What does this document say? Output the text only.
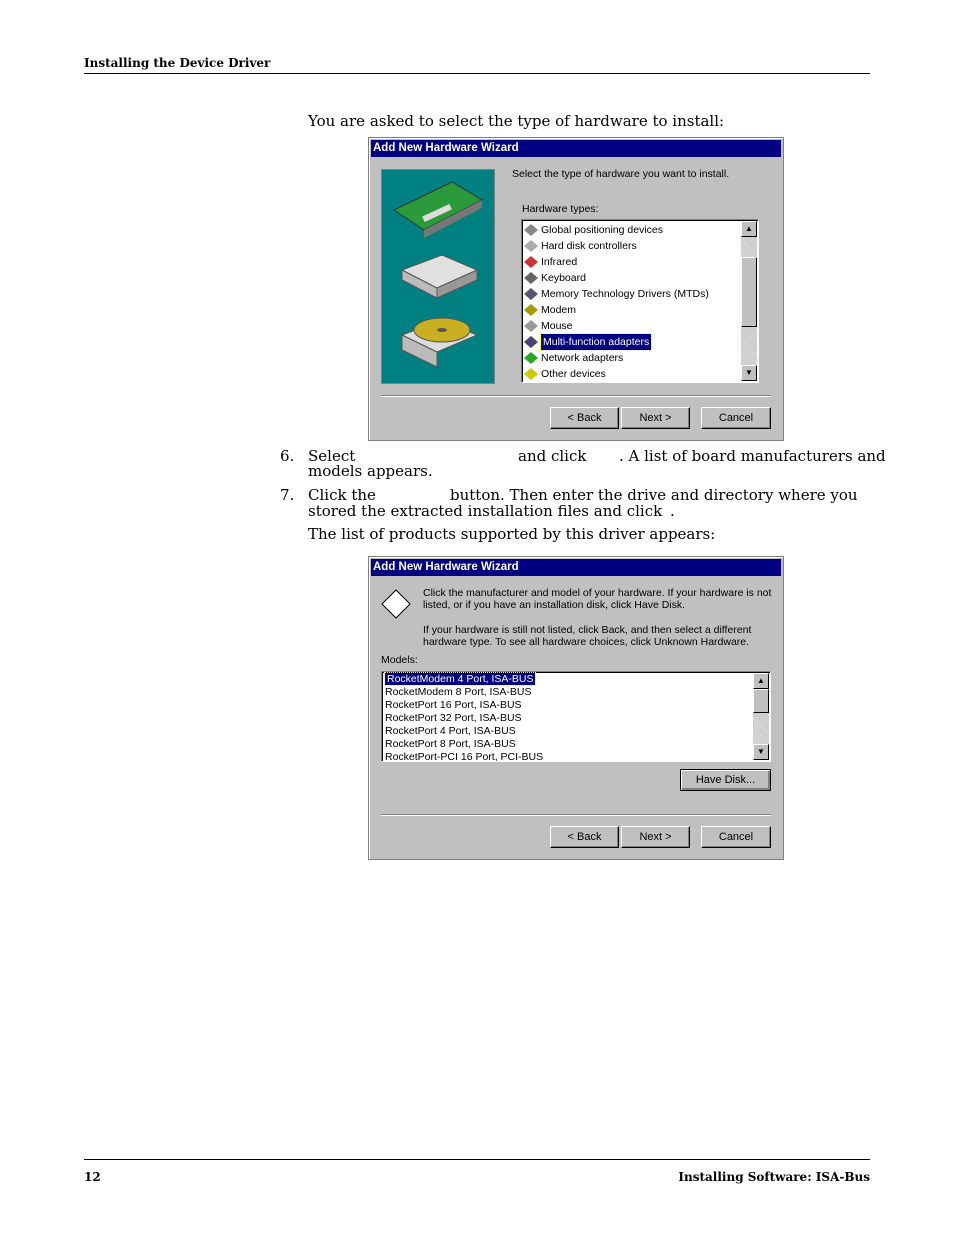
Installing the Device Driver
You are asked to select the type of hardware to install:
Add New Hardware Wizard
Select the type of hardware you want to install.
Hardware types:
Global positioning devices
Hard disk controllers
Infrared
Keyboard
Memory Technology Drivers (MTDs)
Modem
Mouse
Multi-function adapters
Network adapters
Other devices
▲
▼
< Back	Next >	Cancel
6. Select	and click . A list of board manufacturers and
models appears.
7. Click the	button. Then enter the drive and directory where you
stored the extracted installation files and click .
The list of products supported by this driver appears:
Add New Hardware Wizard
Click the manufacturer and model of your hardware. If your hardware is not
listed, or if you have an installation disk, click Have Disk.
If your hardware is still not listed, click Back, and then select a different
hardware type. To see all hardware choices, click Unknown Hardware.
Models:
RocketModem 4 Port, ISA-BUS
RocketModem 8 Port, ISA-BUS
RocketPort 16 Port, ISA-BUS
RocketPort 32 Port, ISA-BUS
RocketPort 4 Port, ISA-BUS
RocketPort 8 Port, ISA-BUS
RocketPort-PCI 16 Port, PCI-BUS
▲
▼
Have Disk...
< Back	Next >	Cancel
12	Installing Software: ISA-Bus
